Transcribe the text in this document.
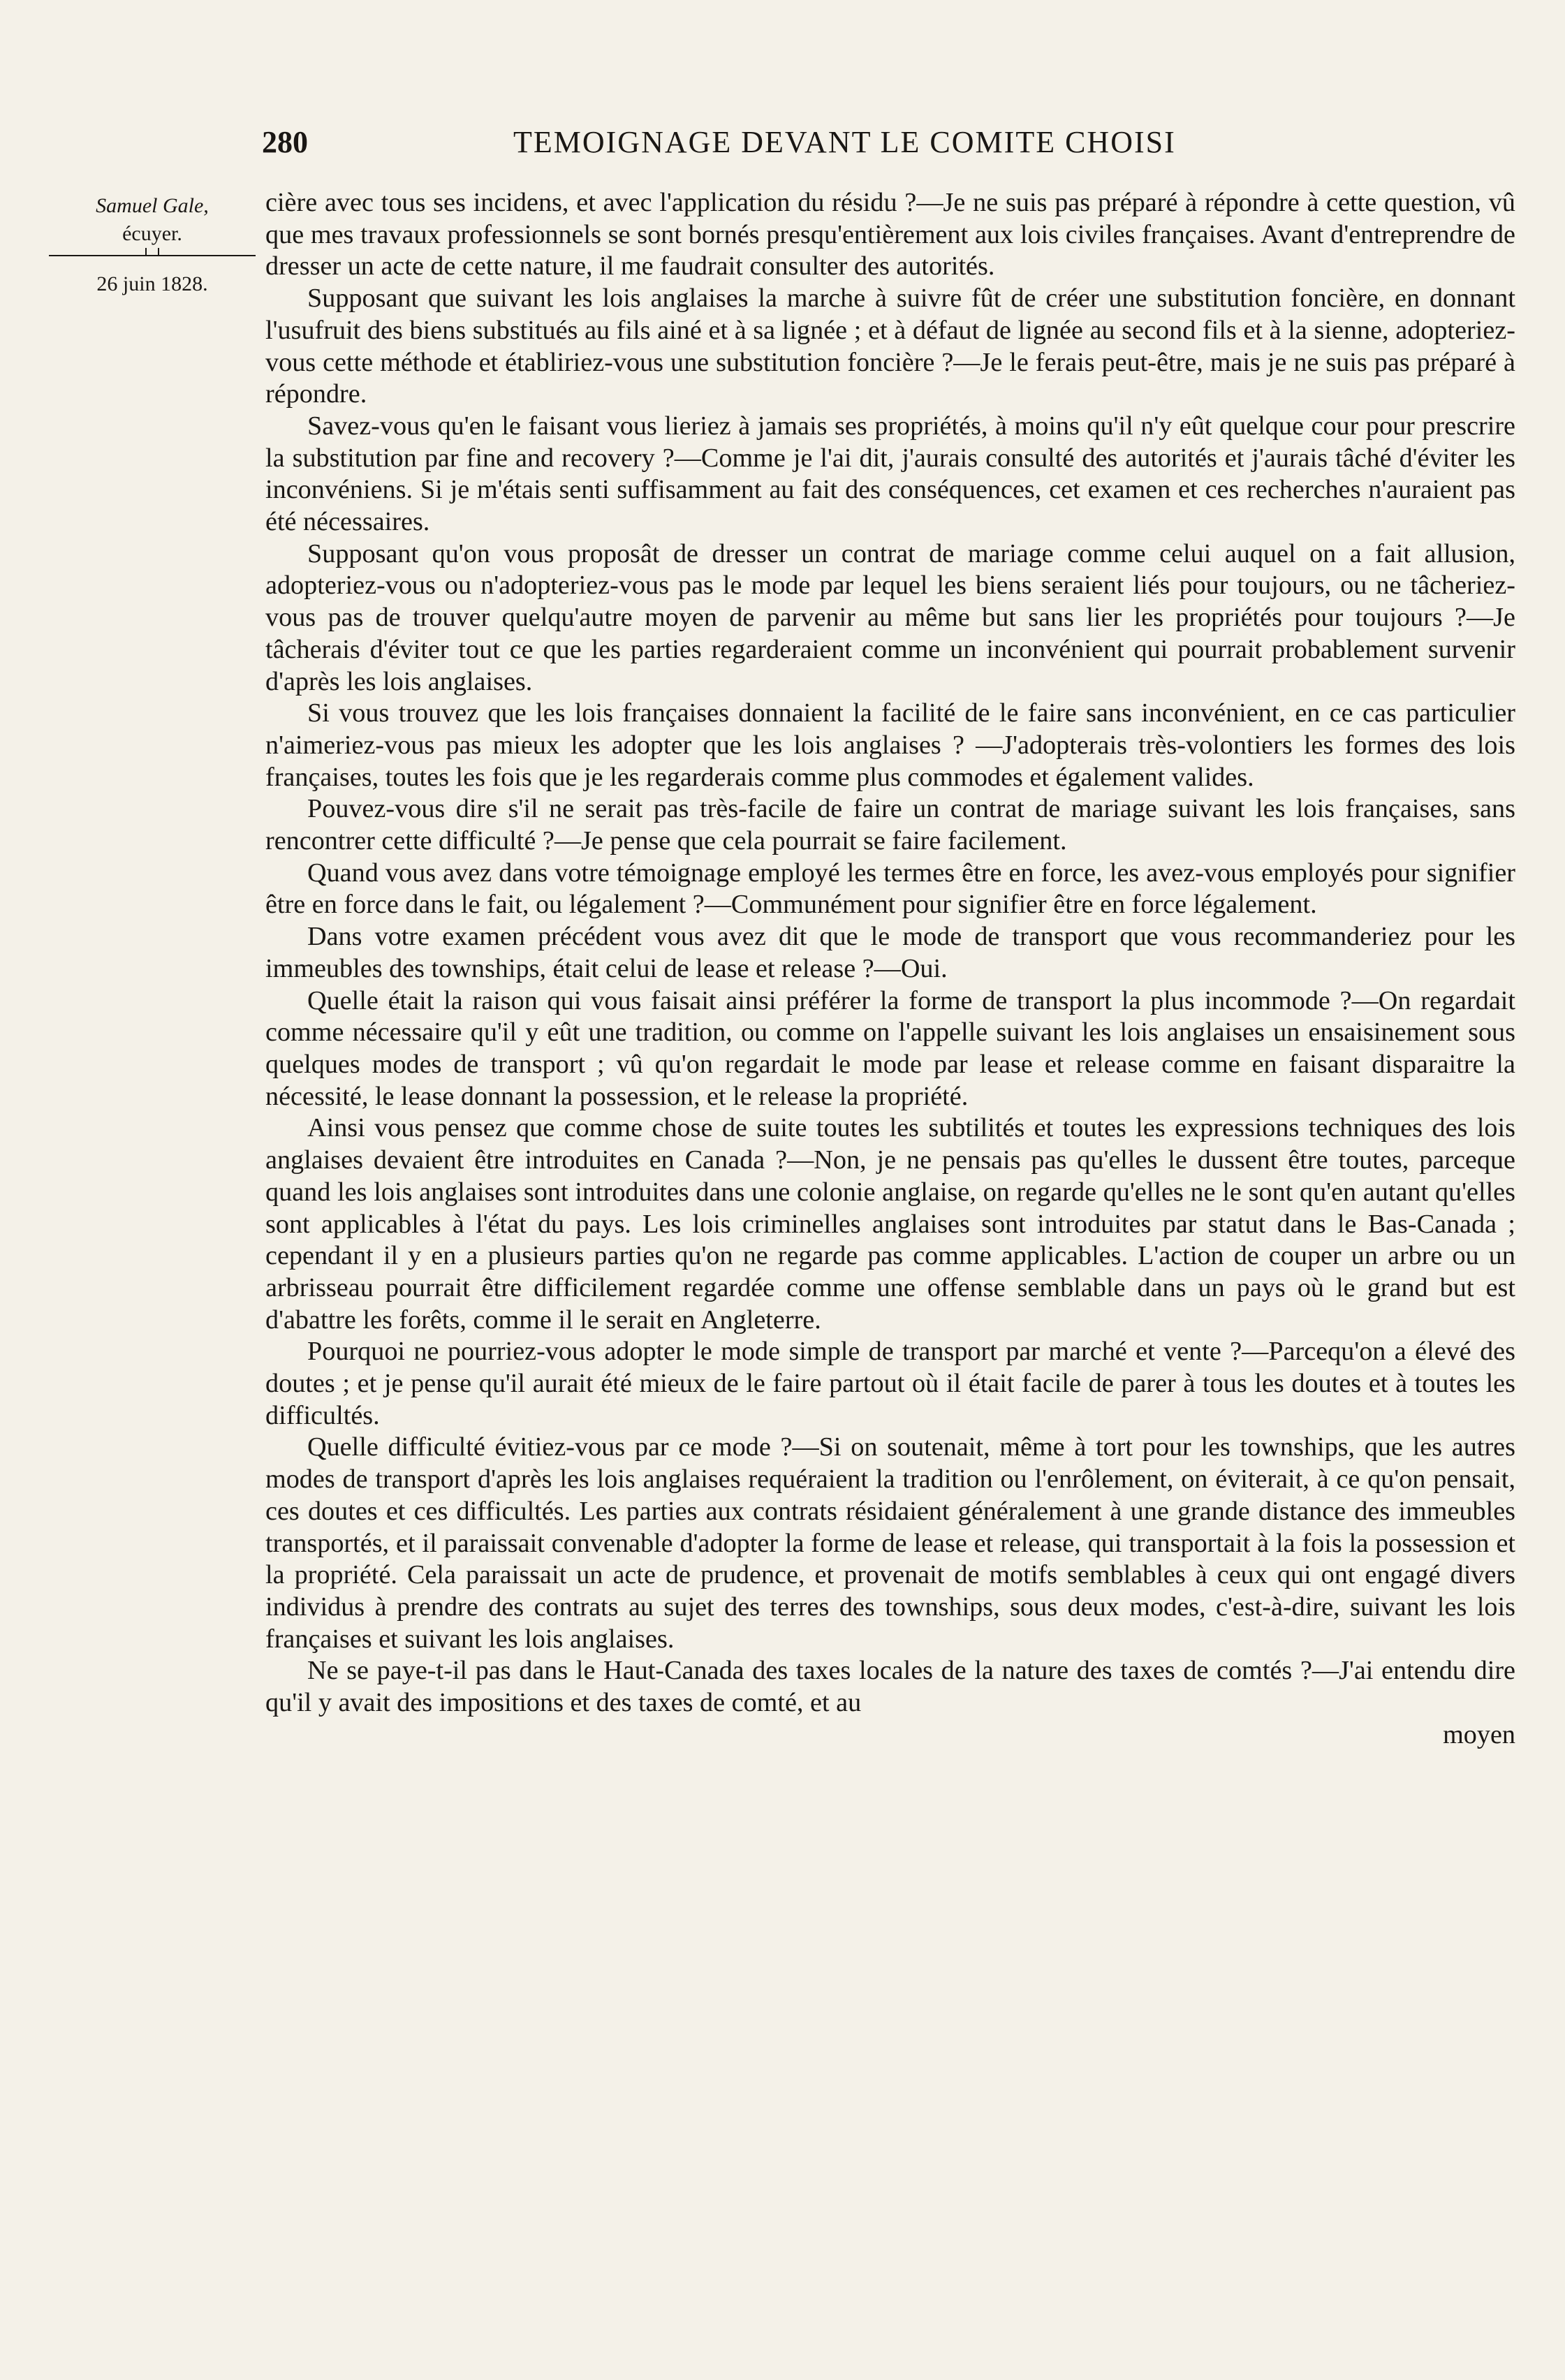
280	TEMOIGNAGE DEVANT LE COMITE CHOISI
Samuel Gale,
écuyer.
26 juin 1828.

cière avec tous ses incidens, et avec l'application du résidu ?—Je ne suis pas préparé à répondre à cette question, vû que mes travaux professionnels se sont bornés presqu'entièrement aux lois civiles françaises. Avant d'entreprendre de dresser un acte de cette nature, il me faudrait consulter des autorités.

Supposant que suivant les lois anglaises la marche à suivre fût de créer une substitution foncière, en donnant l'usufruit des biens substitués au fils ainé et à sa lignée ; et à défaut de lignée au second fils et à la sienne, adopteriez-vous cette méthode et établiriez-vous une substitution foncière ?—Je le ferais peut-être, mais je ne suis pas préparé à répondre.

Savez-vous qu'en le faisant vous lieriez à jamais ses propriétés, à moins qu'il n'y eût quelque cour pour prescrire la substitution par fine and recovery ?—Comme je l'ai dit, j'aurais consulté des autorités et j'aurais tâché d'éviter les inconvéniens. Si je m'étais senti suffisamment au fait des conséquences, cet examen et ces recherches n'auraient pas été nécessaires.

Supposant qu'on vous proposât de dresser un contrat de mariage comme celui auquel on a fait allusion, adopteriez-vous ou n'adopteriez-vous pas le mode par lequel les biens seraient liés pour toujours, ou ne tâcheriez-vous pas de trouver quelqu'autre moyen de parvenir au même but sans lier les propriétés pour toujours ?—Je tâcherais d'éviter tout ce que les parties regarderaient comme un inconvénient qui pourrait probablement survenir d'après les lois anglaises.

Si vous trouvez que les lois françaises donnaient la facilité de le faire sans inconvénient, en ce cas particulier n'aimeriez-vous pas mieux les adopter que les lois anglaises ? —J'adopterais très-volontiers les formes des lois françaises, toutes les fois que je les regarderais comme plus commodes et également valides.

Pouvez-vous dire s'il ne serait pas très-facile de faire un contrat de mariage suivant les lois françaises, sans rencontrer cette difficulté ?—Je pense que cela pourrait se faire facilement.

Quand vous avez dans votre témoignage employé les termes être en force, les avez-vous employés pour signifier être en force dans le fait, ou légalement ?—Communément pour signifier être en force légalement.

Dans votre examen précédent vous avez dit que le mode de transport que vous recommanderiez pour les immeubles des townships, était celui de lease et release ?—Oui.

Quelle était la raison qui vous faisait ainsi préférer la forme de transport la plus incommode ?—On regardait comme nécessaire qu'il y eût une tradition, ou comme on l'appelle suivant les lois anglaises un ensaisinement sous quelques modes de transport ; vû qu'on regardait le mode par lease et release comme en faisant disparaitre la nécessité, le lease donnant la possession, et le release la propriété.

Ainsi vous pensez que comme chose de suite toutes les subtilités et toutes les expressions techniques des lois anglaises devaient être introduites en Canada ?—Non, je ne pensais pas qu'elles le dussent être toutes, parceque quand les lois anglaises sont introduites dans une colonie anglaise, on regarde qu'elles ne le sont qu'en autant qu'elles sont applicables à l'état du pays. Les lois criminelles anglaises sont introduites par statut dans le Bas-Canada ; cependant il y en a plusieurs parties qu'on ne regarde pas comme applicables. L'action de couper un arbre ou un arbrisseau pourrait être difficilement regardée comme une offense semblable dans un pays où le grand but est d'abattre les forêts, comme il le serait en Angleterre.

Pourquoi ne pourriez-vous adopter le mode simple de transport par marché et vente ?—Parcequ'on a élevé des doutes ; et je pense qu'il aurait été mieux de le faire partout où il était facile de parer à tous les doutes et à toutes les difficultés.

Quelle difficulté évitiez-vous par ce mode ?—Si on soutenait, même à tort pour les townships, que les autres modes de transport d'après les lois anglaises requéraient la tradition ou l'enrôlement, on éviterait, à ce qu'on pensait, ces doutes et ces difficultés. Les parties aux contrats résidaient généralement à une grande distance des immeubles transportés, et il paraissait convenable d'adopter la forme de lease et release, qui transportait à la fois la possession et la propriété. Cela paraissait un acte de prudence, et provenait de motifs semblables à ceux qui ont engagé divers individus à prendre des contrats au sujet des terres des townships, sous deux modes, c'est-à-dire, suivant les lois françaises et suivant les lois anglaises.

Ne se paye-t-il pas dans le Haut-Canada des taxes locales de la nature des taxes de comtés ?—J'ai entendu dire qu'il y avait des impositions et des taxes de comté, et au

moyen
